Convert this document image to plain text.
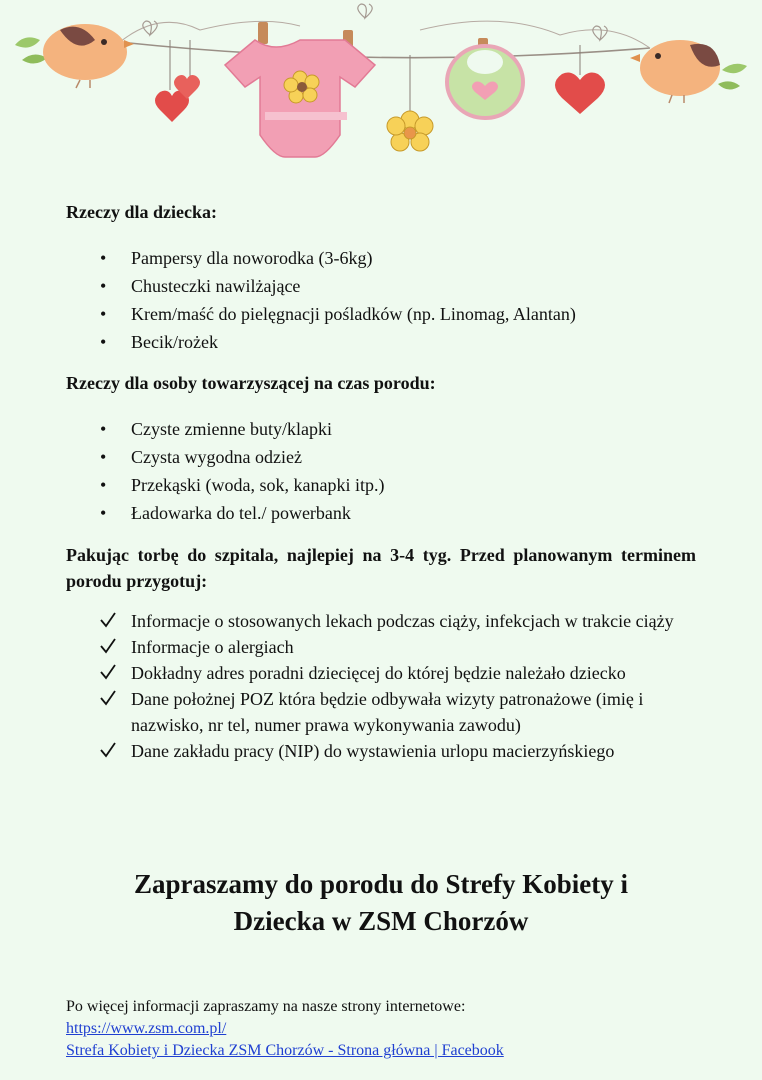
Rzeczy dla dziecka:
• Pampersy dla noworodka (3-6kg)
• Chusteczki nawilżające
• Krem/maść do pielęgnacji pośladków (np. Linomag, Alantan)
• Becik/rożek
Rzeczy dla osoby towarzyszącej na czas porodu:
• Czyste zmienne buty/klapki
• Czysta wygodna odzież
• Przekąski (woda, sok, kanapki itp.)
• Ładowarka do tel./ powerbank

Pakując torbę do szpitala, najlepiej na 3-4 tyg. Przed planowanym terminem porodu przygotuj:

Informacje o stosowanych lekach podczas ciąży, infekcjach w trakcie ciąży
Informacje o alergiach
Dokładny adres poradni dziecięcej do której będzie należało dziecko
Dane położnej POZ która będzie odbywała wizyty patronażowe (imię i nazwisko, nr tel, numer prawa wykonywania zawodu)
Dane zakładu pracy (NIP) do wystawienia urlopu macierzyńskiego
Zapraszamy do porodu do Strefy Kobiety i
Dziecka w ZSM Chorzów
Po więcej informacji zapraszamy na nasze strony internetowe:
https://www.zsm.com.pl/
Strefa Kobiety i Dziecka ZSM Chorzów - Strona główna | Facebook
